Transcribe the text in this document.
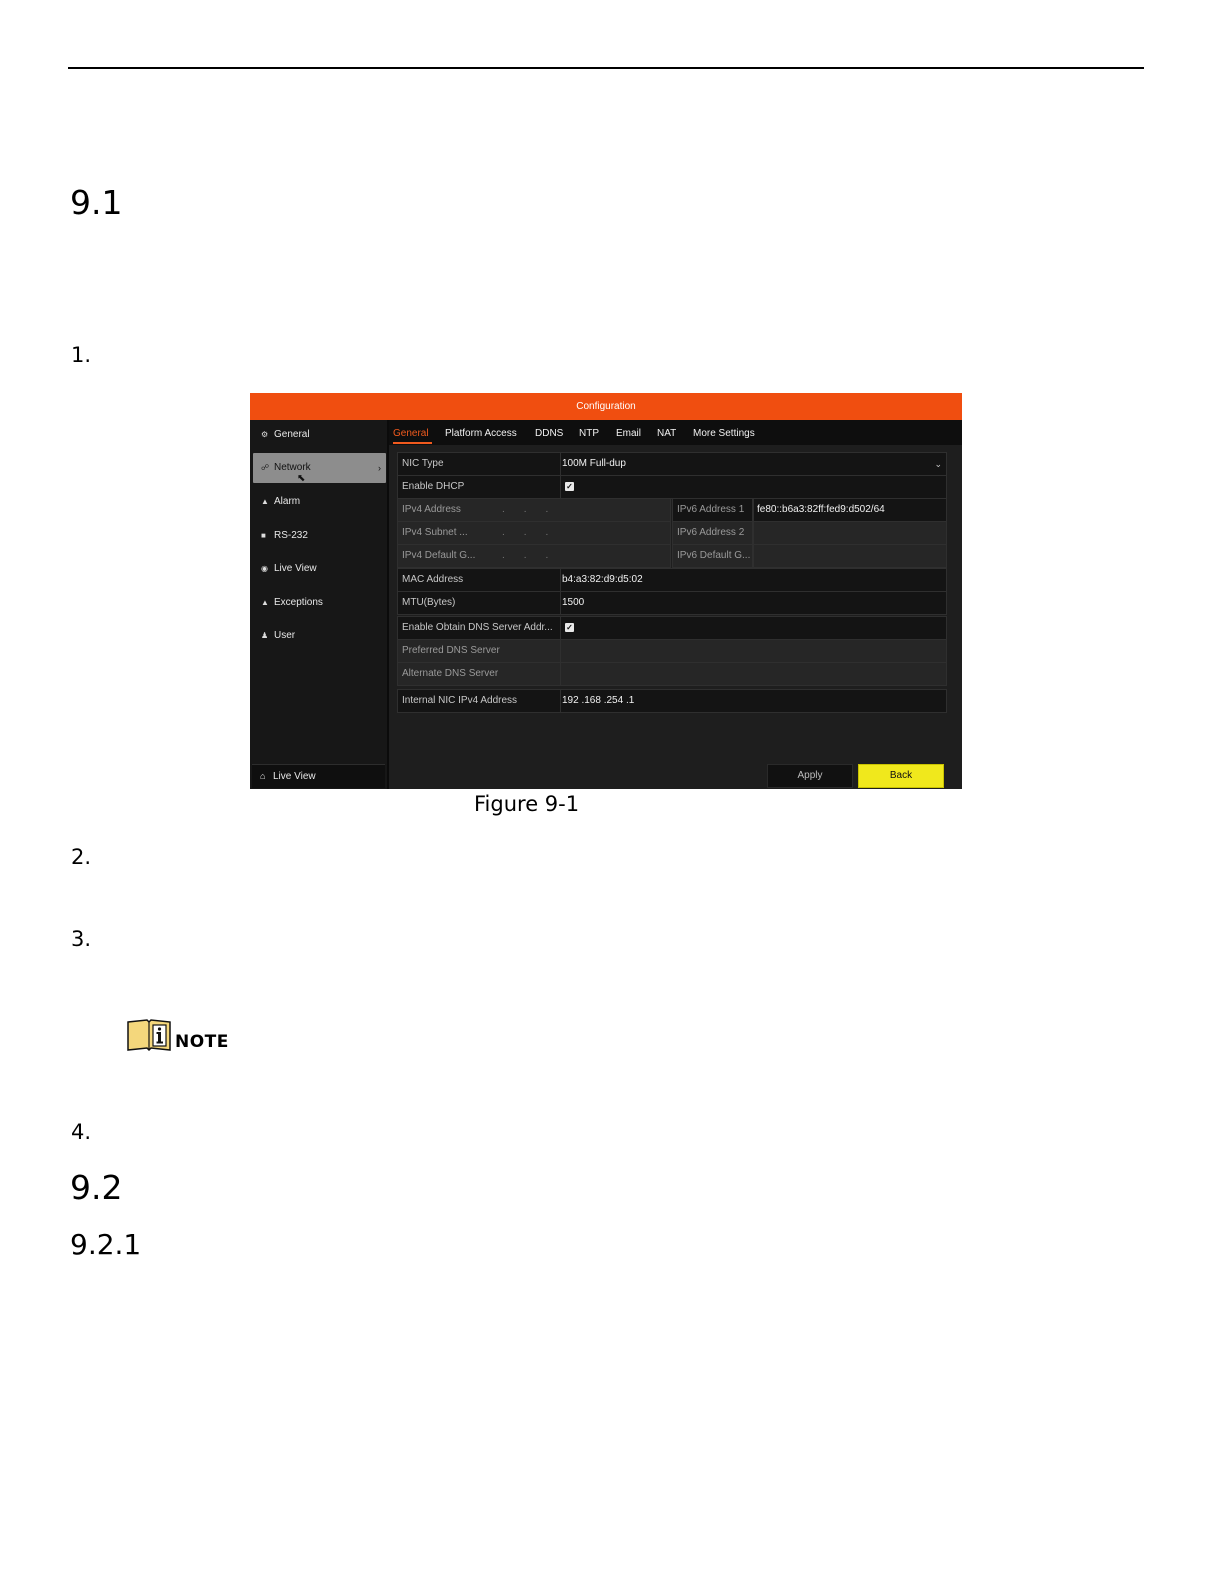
9.1
1.
Configuration
⚙ General
☍ Network	›
▲ Alarm
■ RS-232
◉ Live View
▲ Exceptions
♟ User
⌂ Live View
General Platform Access DDNS NTP Email NAT More Settings
NIC Type	100M Full-dup	⌄
Enable DHCP	✓
IPv4 Address	...	IPv6 Address 1 fe80::b6a3:82ff:fed9:d502/64
IPv4 Subnet ...	...	IPv6 Address 2
IPv4 Default G...	...	IPv6 Default G...
MAC Address	b4:a3:82:d9:d5:02
MTU(Bytes)	1500
Enable Obtain DNS Server Addr... ✓
Preferred DNS Server
Alternate DNS Server
Internal NIC IPv4 Address	192 .168 .254 .1
Apply	Back
⬉
Figure 9-1
2.
3.
NOTE
4.
9.2
9.2.1
